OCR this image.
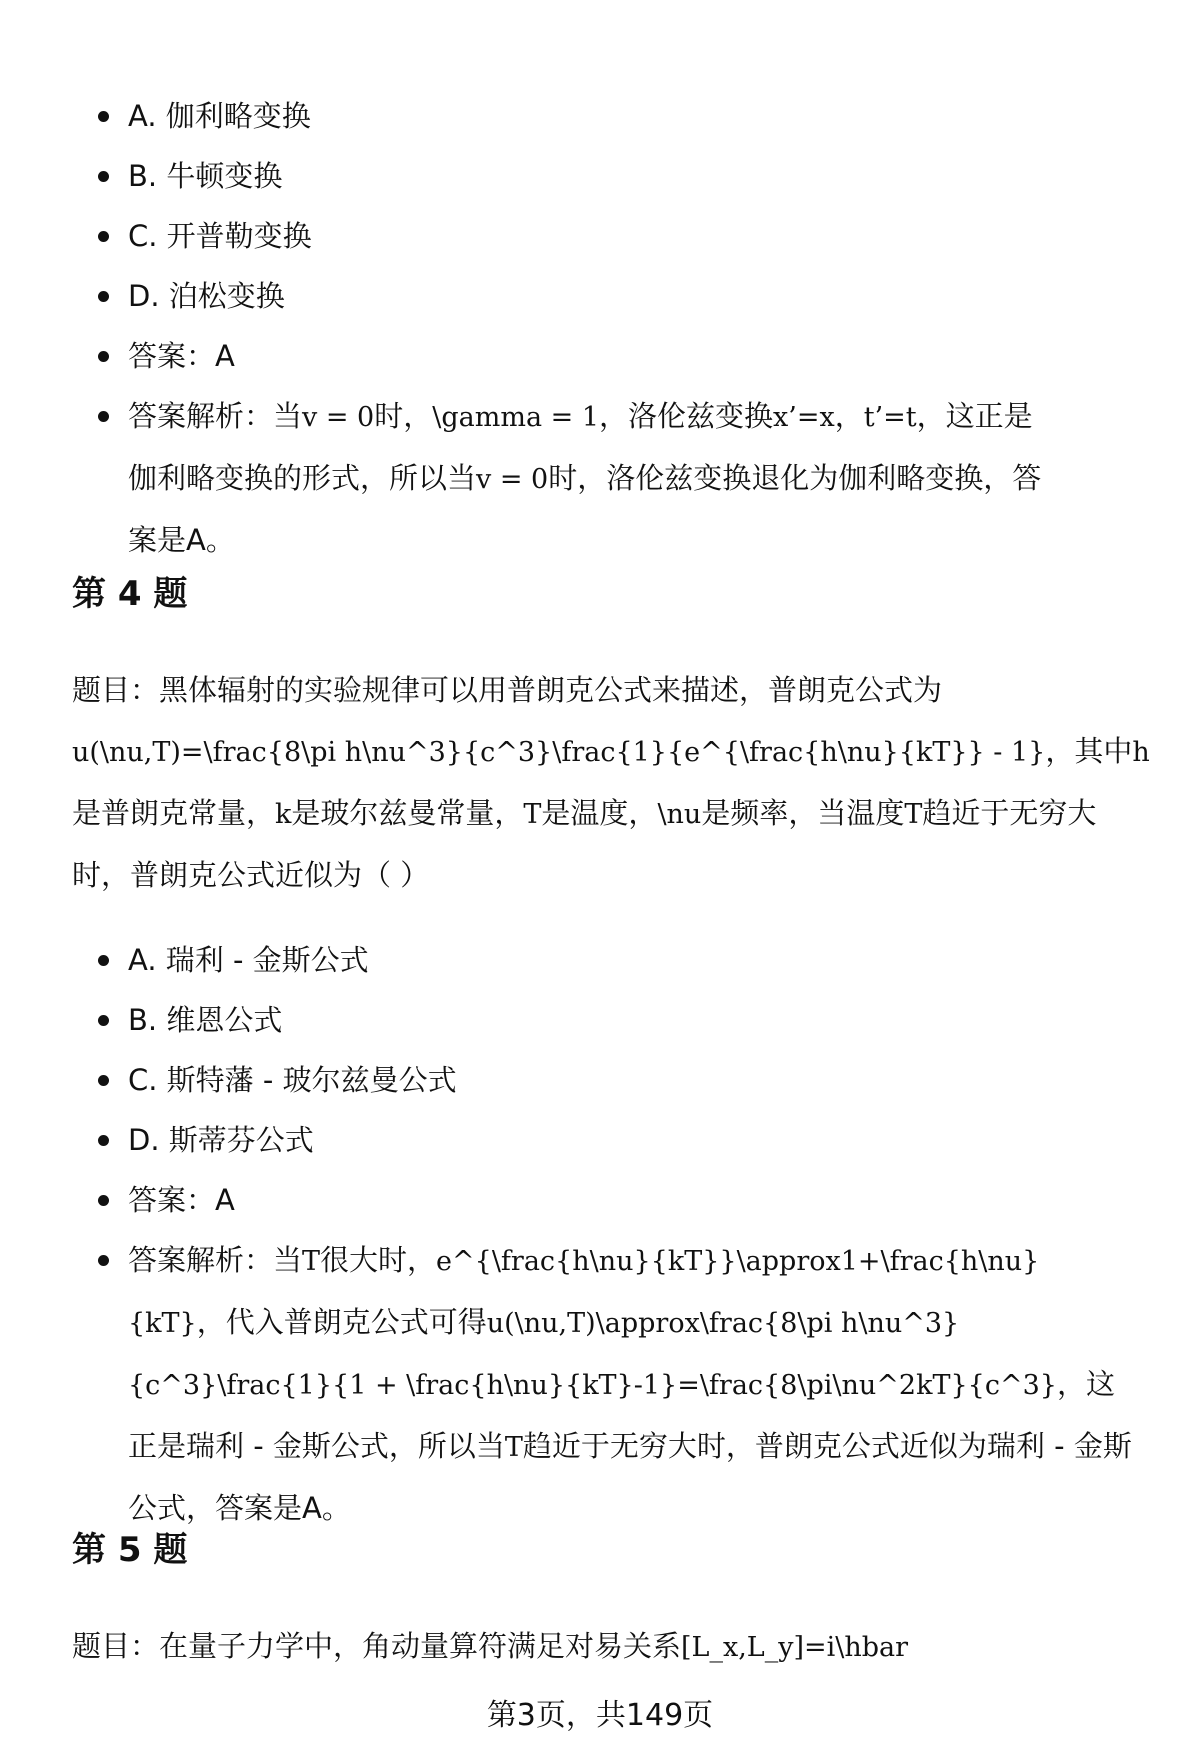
A. 伽利略变换
B. 牛顿变换
C. 开普勒变换
D. 泊松变换
答案：A
答案解析：当v = 0时，\gamma = 1，洛伦兹变换x’=x，t’=t，这正是伽利略变换的形式，所以当v = 0时，洛伦兹变换退化为伽利略变换，答案是A。
第 4 题

题目：黑体辐射的实验规律可以用普朗克公式来描述，普朗克公式为u(\nu,T)=\frac{8\pi h\nu^3}{c^3}\frac{1}{e^{\frac{h\nu}{kT}} - 1}，其中h是普朗克常量，k是玻尔兹曼常量，T是温度，\nu是频率，当温度T趋近于无穷大时，普朗克公式近似为（ ）

A. 瑞利 - 金斯公式
B. 维恩公式
C. 斯特藩 - 玻尔兹曼公式
D. 斯蒂芬公式
答案：A
答案解析：当T很大时，e^{\frac{h\nu}{kT}}\approx1+\frac{h\nu}{kT}，代入普朗克公式可得u(\nu,T)\approx\frac{8\pi h\nu^3}{c^3}\frac{1}{1 + \frac{h\nu}{kT}-1}=\frac{8\pi\nu^2kT}{c^3}，这正是瑞利 - 金斯公式，所以当T趋近于无穷大时，普朗克公式近似为瑞利 - 金斯公式，答案是A。
第 5 题

题目：在量子力学中，角动量算符满足对易关系[L_x,L_y]=i\hbar

第3页，共149页
